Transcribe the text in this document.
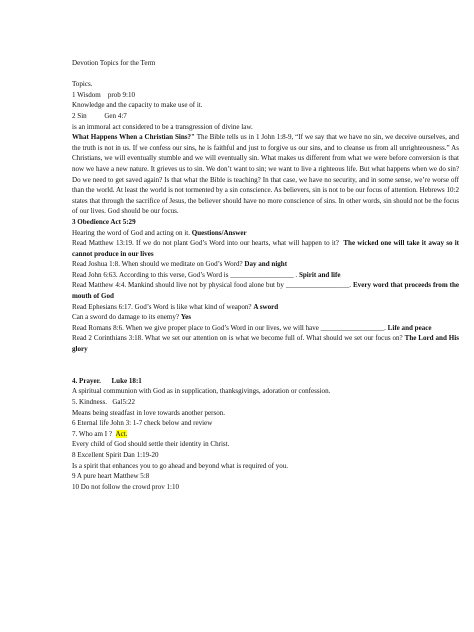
Devotion Topics for the Term

Topics.

1 Wisdom prob 9:10

Knowledge and the capacity to make use of it.

2 Sin	Gen 4:7

is an immoral act considered to be a transgression of divine law.

What Happens When a Christian Sins?" The Bible tells us in 1 John 1:8-9, “If we say that we have no sin, we deceive ourselves, and the truth is not in us. If we confess our sins, he is faithful and just to forgive us our sins, and to cleanse us from all unrighteousness.” As Christians, we will eventually stumble and we will eventually sin. What makes us different from what we were before conversion is that now we have a new nature. It grieves us to sin. We don’t want to sin; we want to live a righteous life. But what happens when we do sin? Do we need to get saved again? Is that what the Bible is teaching? In that case, we have no security, and in some sense, we’re worse off than the world. At least the world is not tormented by a sin conscience. As believers, sin is not to be our focus of attention. Hebrews 10:2 states that through the sacrifice of Jesus, the believer should have no more conscience of sins. In other words, sin should not be the focus of our lives. God should be our focus.

3 Obedience Act 5:29

Hearing the word of God and acting on it. Questions/Answer

Read Matthew 13:19. If we do not plant God’s Word into our hearts, what will happen to it? The wicked one will take it away so it cannot produce in our lives

Read Joshua 1:8. When should we meditate on God’s Word? Day and night

Read John 6:63. According to this verse, God’s Word is __________________ . Spirit and life

Read Matthew 4:4. Mankind should live not by physical food alone but by __________________. Every word that proceeds from the mouth of God

Read Ephesians 6:17. God’s Word is like what kind of weapon? A sword

Can a sword do damage to its enemy? Yes

Read Romans 8:6. When we give proper place to God’s Word in our lives, we will have __________________. Life and peace

Read 2 Corinthians 3:18. What we set our attention on is what we become full of. What should we set our focus on? The Lord and His glory

4. Prayer. Luke 18:1

A spiritual communion with God as in supplication, thanksgivings, adoration or confession.

5. Kindness. Gal5:22

Means being steadfast in love towards another person.

6 Eternal life John 3: 1-7 check below and review

7. Who am I ? Act.

Every child of God should settle their identity in Christ.

8 Excellent Spirit Dan 1:19-20

Is a spirit that enhances you to go ahead and beyond what is required of you.

9 A pure heart Matthew 5:8

10 Do not follow the crowd prov 1:10
